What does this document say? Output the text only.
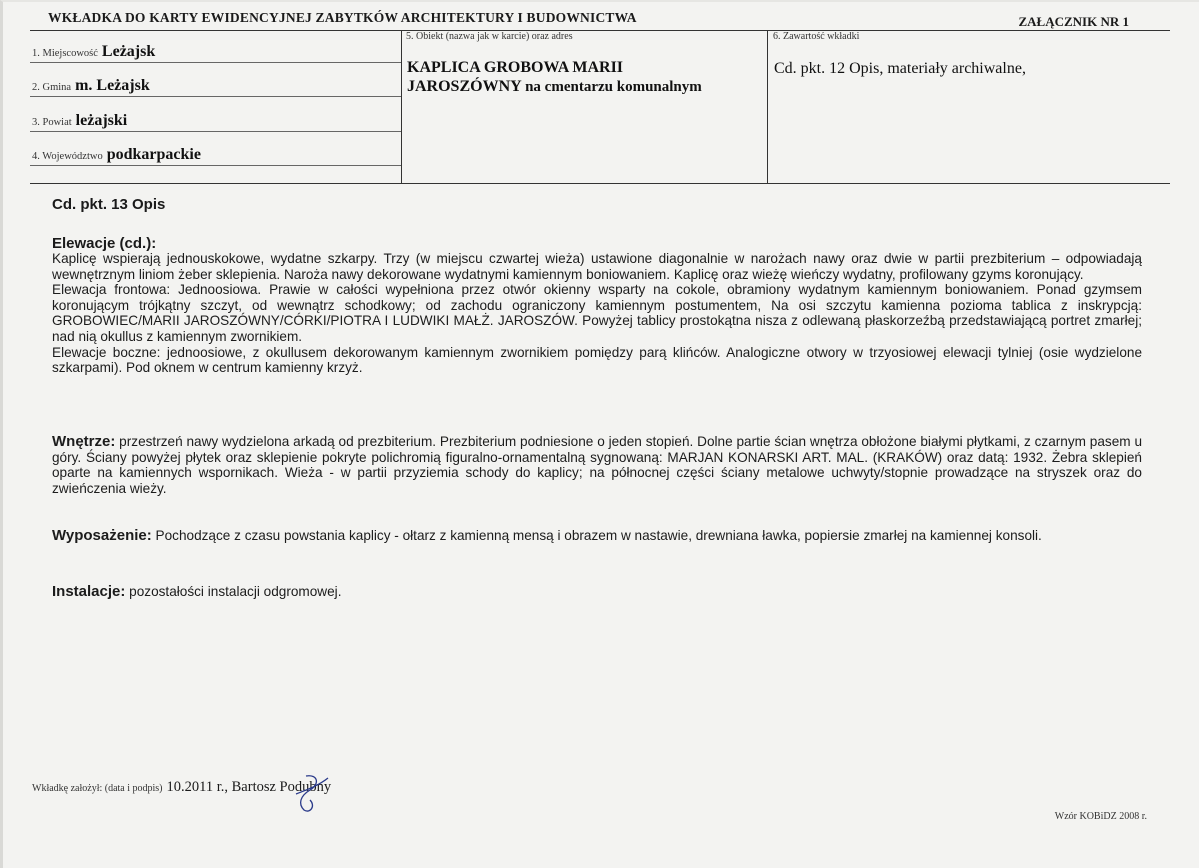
WKŁADKA DO KARTY EWIDENCYJNEJ ZABYTKÓW ARCHITEKTURY I BUDOWNICTWA	ZAŁĄCZNIK NR 1
1. Miejscowość Leżajsk
2. Gmina m. Leżajsk
3. Powiat leżajski
4. Województwo podkarpackie
5. Obiekt (nazwa jak w karcie) oraz adres
KAPLICA GROBOWA MARII
JAROSZÓWNY na cmentarzu komunalnym
6. Zawartość wkładki
Cd. pkt. 12 Opis, materiały archiwalne,
Cd. pkt. 13 Opis
Elewacje (cd.):

Kaplicę wspierają jednouskokowe, wydatne szkarpy. Trzy (w miejscu czwartej wieża) ustawione diagonalnie w narożach nawy oraz dwie w partii prezbiterium – odpowiadają wewnętrznym liniom żeber sklepienia. Naroża nawy dekorowane wydatnymi kamiennym boniowaniem. Kaplicę oraz wieżę wieńczy wydatny, profilowany gzyms koronujący.

Elewacja frontowa: Jednoosiowa. Prawie w całości wypełniona przez otwór okienny wsparty na cokole, obramiony wydatnym kamiennym boniowaniem. Ponad gzymsem koronującym trójkątny szczyt, od wewnątrz schodkowy; od zachodu ograniczony kamiennym postumentem, Na osi szczytu kamienna pozioma tablica z inskrypcją: GROBOWIEC/MARII JAROSZÓWNY/CÓRKI/PIOTRA I LUDWIKI MAŁŻ. JAROSZÓW. Powyżej tablicy prostokątna nisza z odlewaną płaskorzeźbą przedstawiającą portret zmarłej; nad nią okullus z kamiennym zwornikiem.

Elewacje boczne: jednoosiowe, z okullusem dekorowanym kamiennym zwornikiem pomiędzy parą klińców. Analogiczne otwory w trzyosiowej elewacji tylniej (osie wydzielone szkarpami). Pod oknem w centrum kamienny krzyż.

Wnętrze: przestrzeń nawy wydzielona arkadą od prezbiterium. Prezbiterium podniesione o jeden stopień. Dolne partie ścian wnętrza obłożone białymi płytkami, z czarnym pasem u góry. Ściany powyżej płytek oraz sklepienie pokryte polichromią figuralno-ornamentalną sygnowaną: MARJAN KONARSKI ART. MAL. (KRAKÓW) oraz datą: 1932. Żebra sklepień oparte na kamiennych wspornikach. Wieża - w partii przyziemia schody do kaplicy; na północnej części ściany metalowe uchwyty/stopnie prowadzące na stryszek oraz do zwieńczenia wieży.
Wyposażenie: Pochodzące z czasu powstania kaplicy - ołtarz z kamienną mensą i obrazem w nastawie, drewniana ławka, popiersie zmarłej na kamiennej konsoli.
Instalacje: pozostałości instalacji odgromowej.
Wkładkę założył: (data i podpis) 10.2011 r., Bartosz Podubny
Wzór KOBiDZ 2008 r.
